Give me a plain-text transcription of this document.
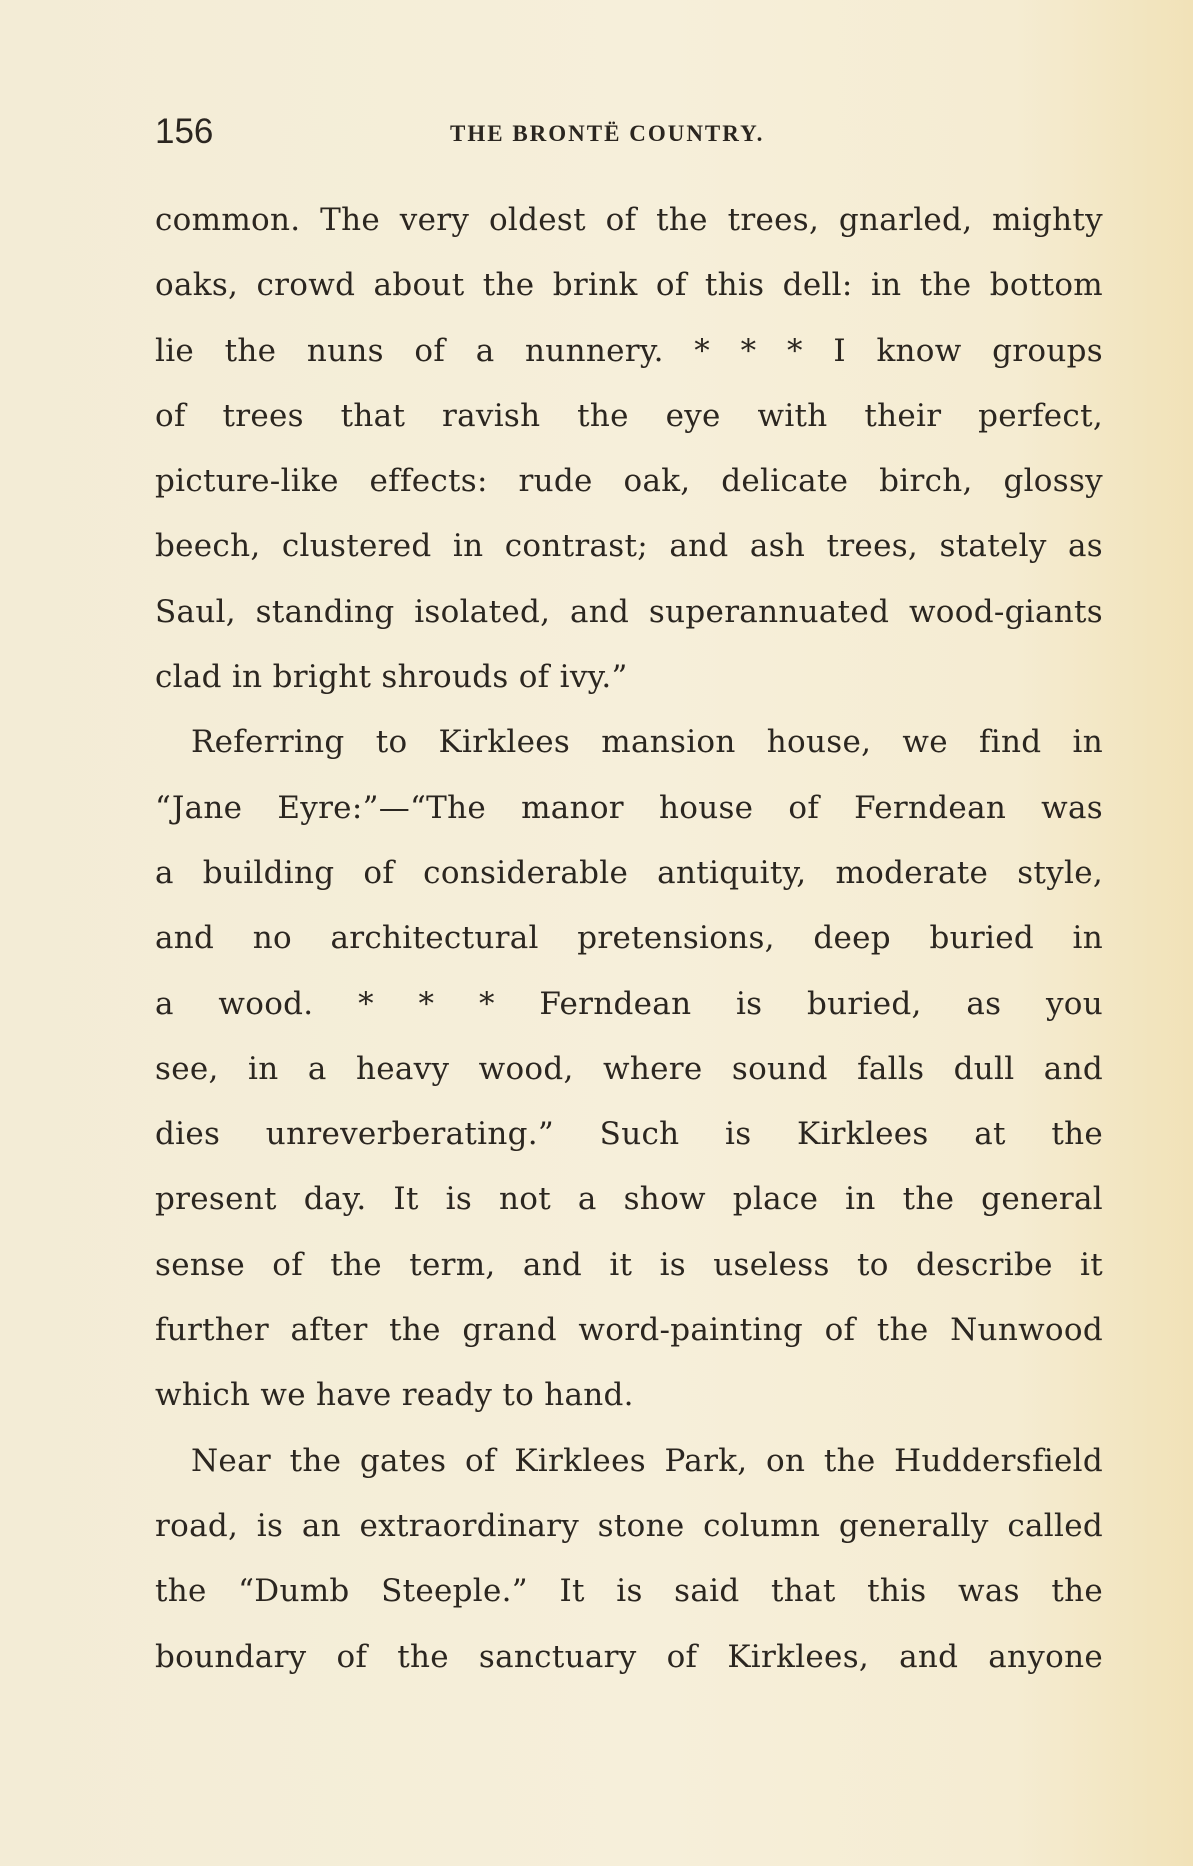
156	THE BRONTË COUNTRY.
common. The very oldest of the trees, gnarled, mighty
oaks, crowd about the brink of this dell: in the bottom
lie the nuns of a nunnery. * * * I know groups
of trees that ravish the eye with their perfect,
picture-like effects: rude oak, delicate birch, glossy
beech, clustered in contrast; and ash trees, stately as
Saul, standing isolated, and superannuated wood-giants
clad in bright shrouds of ivy.”
Referring to Kirklees mansion house, we find in
“Jane Eyre:”—“The manor house of Ferndean was
a building of considerable antiquity, moderate style,
and no architectural pretensions, deep buried in
a wood. * * * Ferndean is buried, as you
see, in a heavy wood, where sound falls dull and
dies unreverberating.” Such is Kirklees at the
present day. It is not a show place in the general
sense of the term, and it is useless to describe it
further after the grand word-painting of the Nunwood
which we have ready to hand.
Near the gates of Kirklees Park, on the Huddersfield
road, is an extraordinary stone column generally called
the “Dumb Steeple.” It is said that this was the
boundary of the sanctuary of Kirklees, and anyone
